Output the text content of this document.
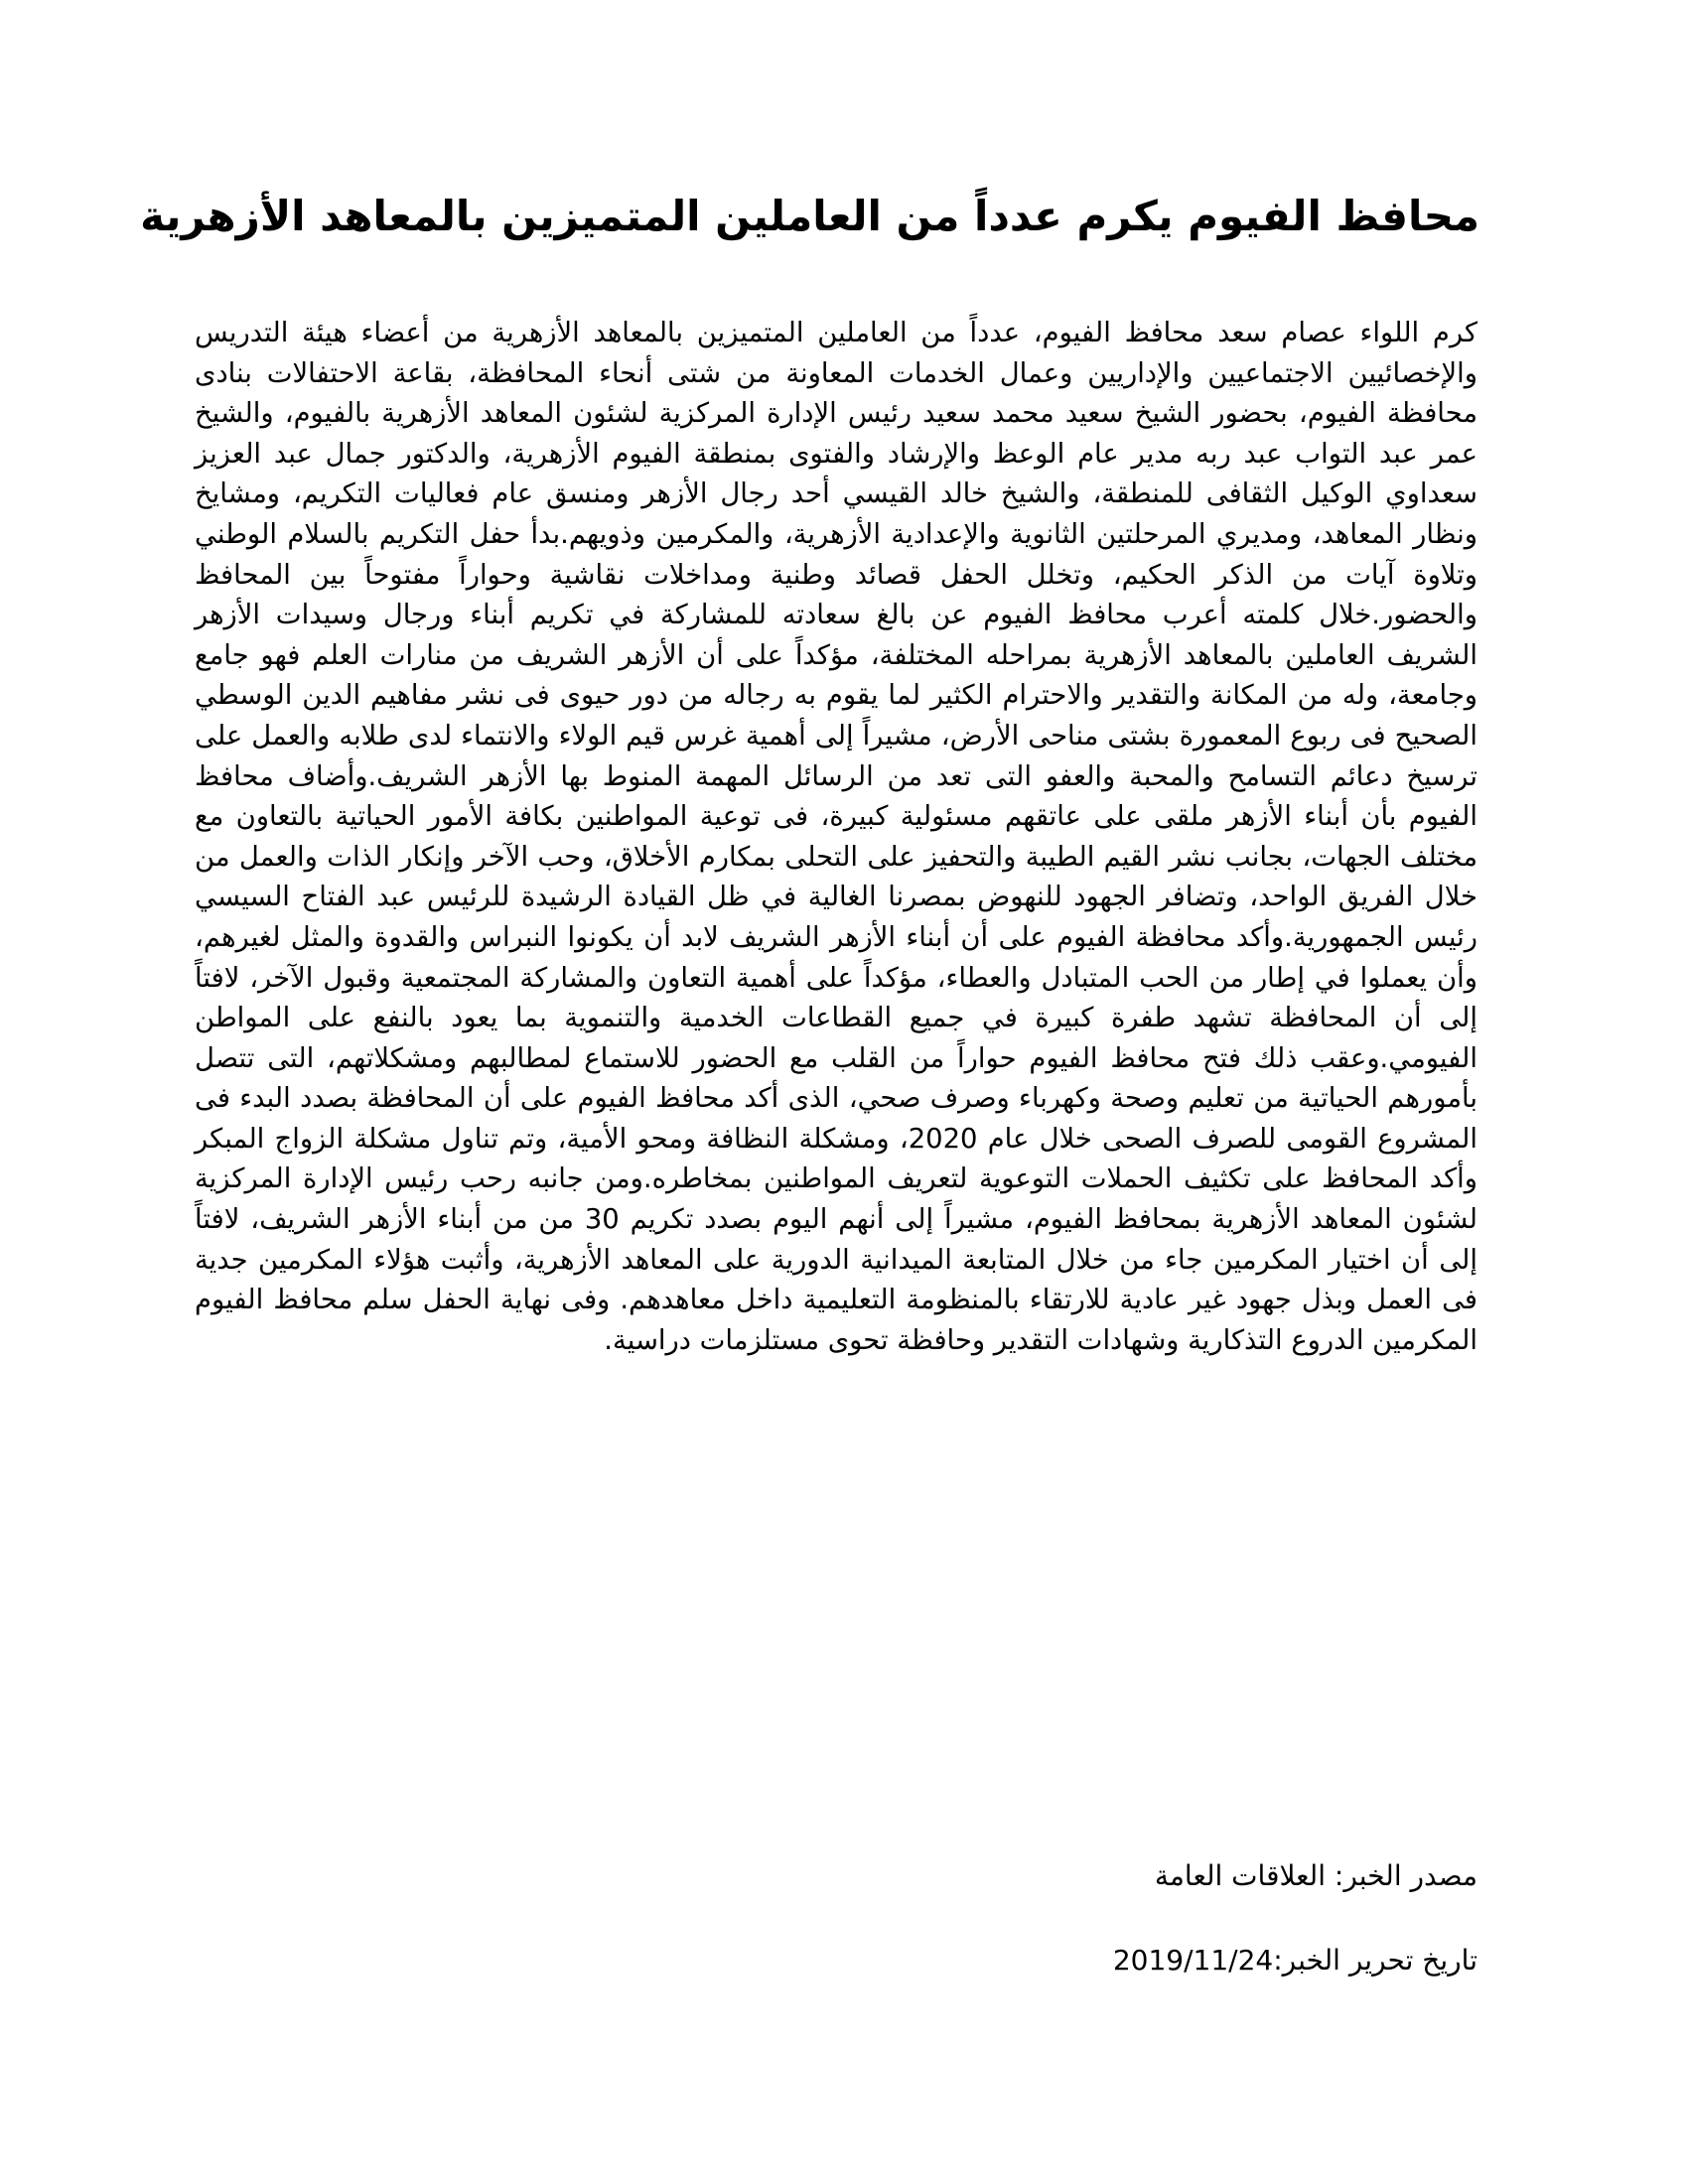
محافظ الفيوم يكرم عدداً من العاملين المتميزين بالمعاهد الأزهرية

كرم اللواء عصام سعد محافظ الفيوم، عدداً من العاملين المتميزين بالمعاهد الأزهرية من أعضاء هيئة التدريس والإخصائيين الاجتماعيين والإداريين وعمال الخدمات المعاونة من شتى أنحاء المحافظة، بقاعة الاحتفالات بنادى محافظة الفيوم، بحضور الشيخ سعيد محمد سعيد رئيس الإدارة المركزية لشئون المعاهد الأزهرية بالفيوم، والشيخ عمر عبد التواب عبد ربه مدير عام الوعظ والإرشاد والفتوى بمنطقة الفيوم الأزهرية، والدكتور جمال عبد العزيز سعداوي الوكيل الثقافى للمنطقة، والشيخ خالد القيسي أحد رجال الأزهر ومنسق عام فعاليات التكريم، ومشايخ ونظار المعاهد، ومديري المرحلتين الثانوية والإعدادية الأزهرية، والمكرمين وذويهم.بدأ حفل التكريم بالسلام الوطني وتلاوة آيات من الذكر الحكيم، وتخلل الحفل قصائد وطنية ومداخلات نقاشية وحواراً مفتوحاً بين المحافظ والحضور.خلال كلمته أعرب محافظ الفيوم عن بالغ سعادته للمشاركة في تكريم أبناء ورجال وسيدات الأزهر الشريف العاملين بالمعاهد الأزهرية بمراحله المختلفة، مؤكداً على أن الأزهر الشريف من منارات العلم فهو جامع وجامعة، وله من المكانة والتقدير والاحترام الكثير لما يقوم به رجاله من دور حيوى فى نشر مفاهيم الدين الوسطي الصحيح فى ربوع المعمورة بشتى مناحى الأرض، مشيراً إلى أهمية غرس قيم الولاء والانتماء لدى طلابه والعمل على ترسيخ دعائم التسامح والمحبة والعفو التى تعد من الرسائل المهمة المنوط بها الأزهر الشريف.وأضاف محافظ الفيوم بأن أبناء الأزهر ملقى على عاتقهم مسئولية كبيرة، فى توعية المواطنين بكافة الأمور الحياتية بالتعاون مع مختلف الجهات، بجانب نشر القيم الطيبة والتحفيز على التحلى بمكارم الأخلاق، وحب الآخر وإنكار الذات والعمل من خلال الفريق الواحد، وتضافر الجهود للنهوض بمصرنا الغالية في ظل القيادة الرشيدة للرئيس عبد الفتاح السيسي رئيس الجمهورية.وأكد محافظة الفيوم على أن أبناء الأزهر الشريف لابد أن يكونوا النبراس والقدوة والمثل لغيرهم، وأن يعملوا في إطار من الحب المتبادل والعطاء، مؤكداً على أهمية التعاون والمشاركة المجتمعية وقبول الآخر، لافتاً إلى أن المحافظة تشهد طفرة كبيرة في جميع القطاعات الخدمية والتنموية بما يعود بالنفع على المواطن الفيومي.وعقب ذلك فتح محافظ الفيوم حواراً من القلب مع الحضور للاستماع لمطالبهم ومشكلاتهم، التى تتصل بأمورهم الحياتية من تعليم وصحة وكهرباء وصرف صحي، الذى أكد محافظ الفيوم على أن المحافظة بصدد البدء فى المشروع القومى للصرف الصحى خلال عام 2020، ومشكلة النظافة ومحو الأمية، وتم تناول مشكلة الزواج المبكر وأكد المحافظ على تكثيف الحملات التوعوية لتعريف المواطنين بمخاطره.ومن جانبه رحب رئيس الإدارة المركزية لشئون المعاهد الأزهرية بمحافظ الفيوم، مشيراً إلى أنهم اليوم بصدد تكريم 30 من من أبناء الأزهر الشريف، لافتاً إلى أن اختيار المكرمين جاء من خلال المتابعة الميدانية الدورية على المعاهد الأزهرية، وأثبت هؤلاء المكرمين جدية فى العمل وبذل جهود غير عادية للارتقاء بالمنظومة التعليمية داخل معاهدهم. وفى نهاية الحفل سلم محافظ الفيوم المكرمين الدروع التذكارية وشهادات التقدير وحافظة تحوى مستلزمات دراسية.

مصدر الخبر: العلاقات العامة

تاريخ تحرير الخبر:2019/11/24
